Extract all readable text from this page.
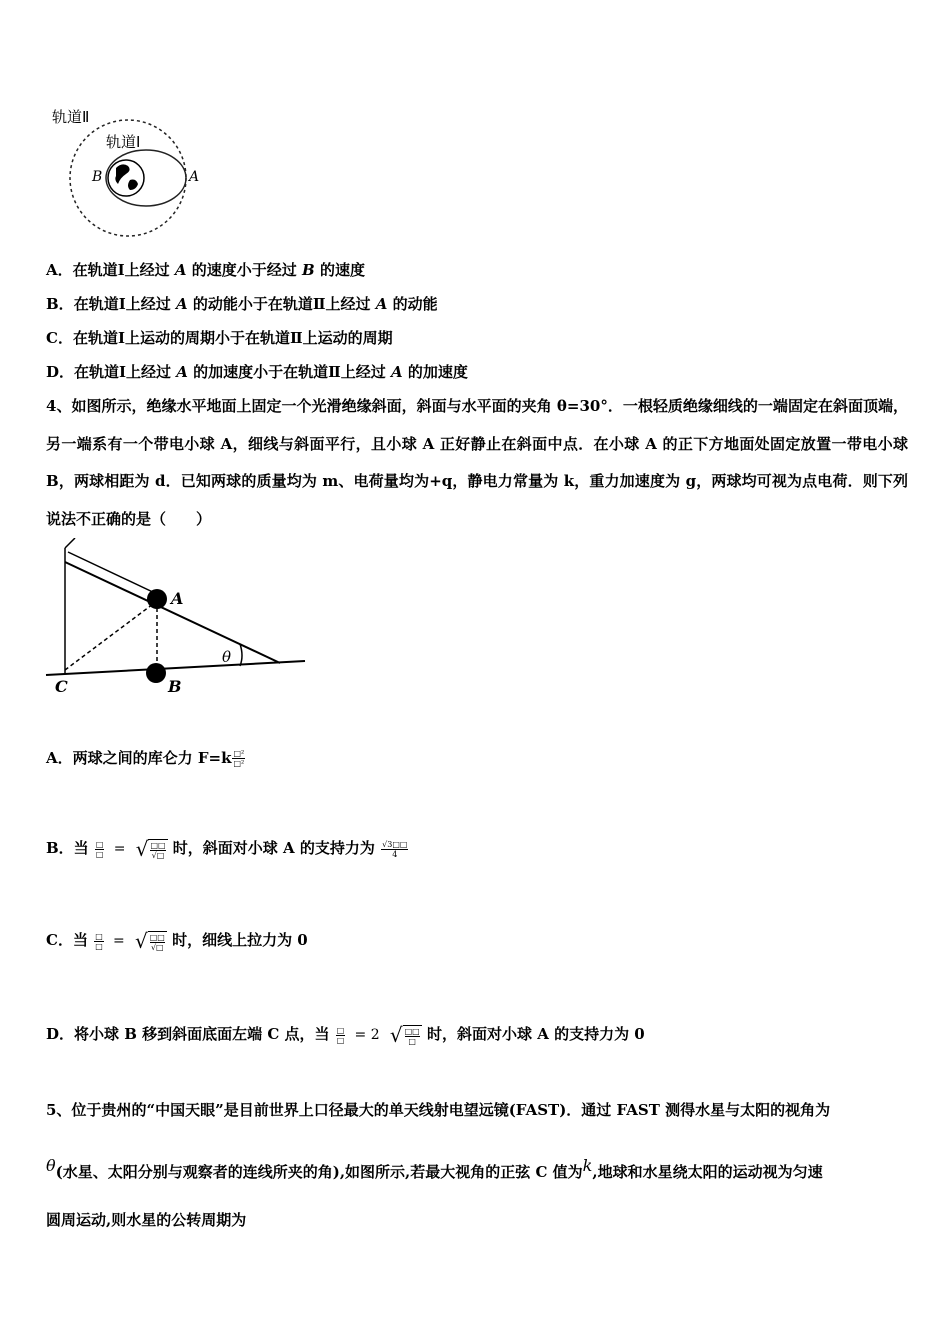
轨道Ⅱ
轨道Ⅰ
B	A
A．在轨道Ⅰ上经过 A 的速度小于经过 B 的速度
B．在轨道Ⅰ上经过 A 的动能小于在轨道Ⅱ上经过 A 的动能
C．在轨道Ⅰ上运动的周期小于在轨道Ⅱ上运动的周期
D．在轨道Ⅰ上经过 A 的加速度小于在轨道Ⅱ上经过 A 的加速度
4、如图所示，绝缘水平地面上固定一个光滑绝缘斜面，斜面与水平面的夹角 θ=30°．一根轻质绝缘细线的一端固定在斜面顶端，另一端系有一个带电小球 A，细线与斜面平行，且小球 A 正好静止在斜面中点．在小球 A 的正下方地面处固定放置一带电小球 B，两球相距为 d．已知两球的质量均为 m、电荷量均为+q，静电力常量为 k，重力加速度为 g，两球均可视为点电荷．则下列说法不正确的是（　　）
A
B
C
θ
A．两球之间的库仑力 $F=k \frac{\text{□²}}{\text{□²}}$
B．当 $\frac{□}{□}$ = √ □□
√□ 时，斜面对小球 A 的支持力为 $\frac{√3□□}{4}$
C．当 $\frac{□}{□}$ = √ □□
√□ 时，细线上拉力为 0
D．将小球 B 移到斜面底面左端 C 点，当 $\frac{□}{□} = 2$ √ □□
□ 时，斜面对小球 A 的支持力为 0
5、位于贵州的“中国天眼”是目前世界上口径最大的单天线射电望远镜(FAST)．通过 FAST 测得水星与太阳的视角为
θ(水星、太阳分别与观察者的连线所夹的角),如图所示,若最大视角的正弦 C 值为k,地球和水星绕太阳的运动视为匀速
圆周运动,则水星的公转周期为
